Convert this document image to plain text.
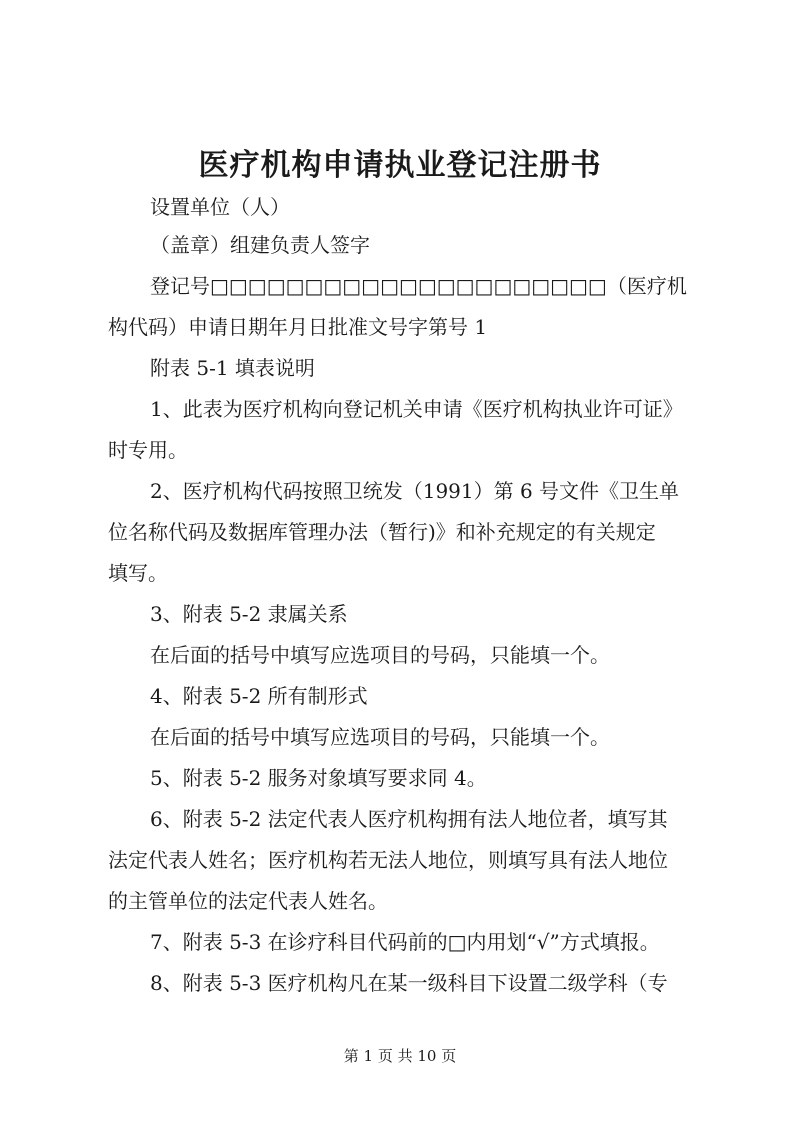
医疗机构申请执业登记注册书
设置单位（人）
（盖章）组建负责人签字
登记号□□□□□□□□□□□□□□□□□□□□□（医疗机
构代码）申请日期年月日批准文号字第号 1
附表 5-1 填表说明
1、此表为医疗机构向登记机关申请《医疗机构执业许可证》
时专用。
2、医疗机构代码按照卫统发（1991）第 6 号文件《卫生单
位名称代码及数据库管理办法（暂行)》和补充规定的有关规定
填写。
3、附表 5-2 隶属关系
在后面的括号中填写应选项目的号码，只能填一个。
4、附表 5-2 所有制形式
在后面的括号中填写应选项目的号码，只能填一个。
5、附表 5-2 服务对象填写要求同 4。
6、附表 5-2 法定代表人医疗机构拥有法人地位者，填写其
法定代表人姓名；医疗机构若无法人地位，则填写具有法人地位
的主管单位的法定代表人姓名。
7、附表 5-3 在诊疗科目代码前的□内用划“√”方式填报。
8、附表 5-3 医疗机构凡在某一级科目下设置二级学科（专
第 1 页 共 10 页
